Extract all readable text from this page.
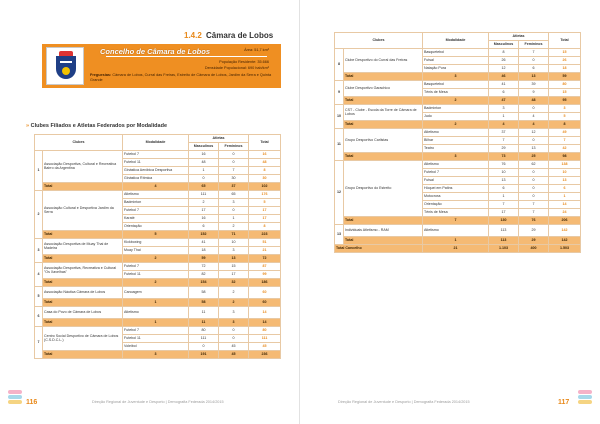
1.4.2 Câmara de Lobos
Concelho de Câmara de Lobos	Área: 51,7 km²
População Residente: 35.666
Densidade Populacional: 690 hab/km²
Freguesias: Câmara de Lobos, Curral das Freiras, Estreito de Câmara de Lobos, Jardim da Serra e Quinta Grande
» Clubes Filiados e Atletas Federados por Modalidade
Clubes		Modalidade	Atletas		Total
			Masculinos	Femininos	
1	Associação Desportiva, Cultural e Recreativa Bairro da Argentina	Futebol 7	16	0	16
		Futebol 11	48	0	48
		Ginástica Aeróbica Desportiva	1	7	8
		Ginástica Rítmica	0	30	30
	Total	4	65	37	102
2	Associação Cultural e Desportiva Jardim da Serra	Atletismo	111	65	176
		Badminton	2	3	5
		Futebol 7	17	0	17
		Karaté	16	1	17
		Orientação	6	2	8
	Total	5	152	71	223
3	Associação Desportiva de Muay Thai de Madeira	Kickboxing	41	10	51
		Muay Thai	18	3	21
	Total	2	59	13	72
4	Associação Desportiva, Recreativa e Cultural "Os Xavelhas"	Futebol 7	72	15	87
		Futebol 11	82	17	99
	Total	2	154	32	186
5	Associação Náutica Câmara de Lobos	Canoagem	58	2	60
	Total	1	58	2	60
6	Casa do Povo de Câmara de Lobos	Atletismo	11	3	14
	Total	1	11	3	14
7	Centro Social Desportivo de Câmara de Lobos (C.S.D.C.L.)	Futebol 7	80	0	80
		Futebol 11	111	0	111
		Voleibol	0	45	45
	Total	3	191	45	236
116	Direção Regional de Juventude e Desporto | Demografia Federada 2014/2015
Clubes		Modalidade	Atletas		Total
			Masculinos	Femininos	
8	Clube Desportivo do Curral das Freiras	Basquetebol	8	7	15
		Futsal	26	0	26
		Natação Pura	12	6	18
	Total	3	46	13	59
9	Clube Desportivo Garachico	Basquetebol	41	39	80
		Ténis de Mesa	6	9	15
	Total	2	47	48	95
10	CST - Clube - Escola da Torre de Câmara de Lobos	Badminton	3	0	3
		Judo	1	4	5
	Total	2	4	4	8
11	Grupo Desportivo Carlistas	Atletismo	37	12	49
		Bilhar	7	0	7
		Teatro	29	13	42
	Total	3	73	25	98
12	Grupo Desportivo do Estreito	Atletismo	76	62	138
		Futebol 7	10	0	10
		Futsal	13	0	13
		Hóquei em Patins	6	0	6
		Motocross	1	0	1
		Orientação	7	7	14
		Ténis de Mesa	17	7	24
	Total	7	130	76	206
13	Individuais Atletismo - RAM	Atletismo	113	29	142
	Total	1	113	29	142
Total Concelho		21	1.103	400	1.503
Direção Regional de Juventude e Desporto | Demografia Federada 2014/2015	117
